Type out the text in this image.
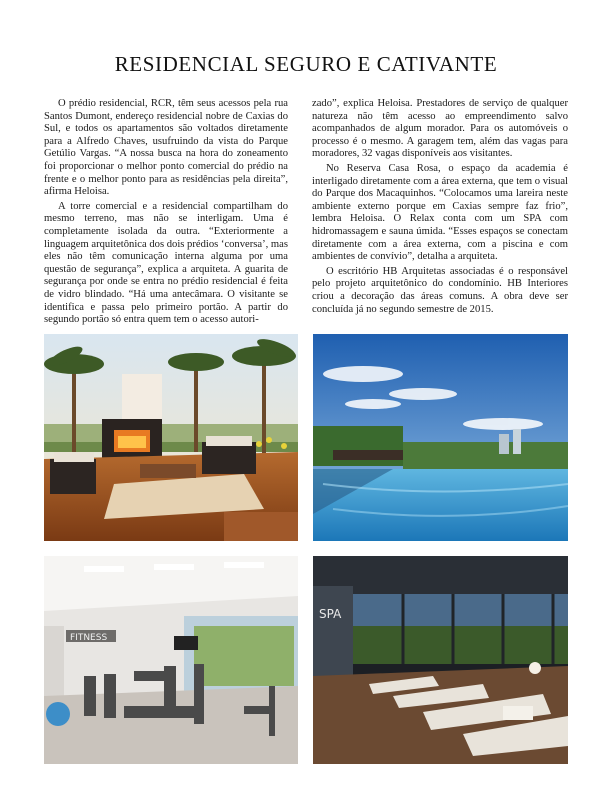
RESIDENCIAL SEGURO E CATIVANTE

O prédio residencial, RCR, têm seus acessos pela rua Santos Dumont, endereço residencial nobre de Caxias do Sul, e todos os apartamentos são voltados diretamente para a Alfredo Chaves, usufruindo da vista do Parque Getúlio Vargas. “A nossa busca na hora do zoneamento foi proporcionar o melhor ponto comercial do prédio na frente e o melhor ponto para as residências pela direita”, afirma Heloisa.

A torre comercial e a residencial compartilham do mesmo terreno, mas não se interligam. Uma é completamente isolada da outra. “Exteriormente a linguagem arquitetônica dos dois prédios ‘conversa’, mas eles não têm comunicação interna alguma por uma questão de segurança”, explica a arquiteta. A guarita de segurança por onde se entra no prédio residencial é feita de vidro blindado. “Há uma antecâmara. O visitante se identifica e passa pelo primeiro portão. A partir do segundo portão só entra quem tem o acesso autori-

zado”, explica Heloisa. Prestadores de serviço de qualquer natureza não têm acesso ao empreendimento salvo acompanhados de algum morador. Para os automóveis o processo é o mesmo. A garagem tem, além das vagas para moradores, 32 vagas disponíveis aos visitantes.

No Reserva Casa Rosa, o espaço da academia é interligado diretamente com a área externa, que tem o visual do Parque dos Macaquinhos. “Colocamos uma lareira neste ambiente externo porque em Caxias sempre faz frio”, lembra Heloisa. O Relax conta com um SPA com hidromassagem e sauna úmida. “Esses espaços se conectam diretamente com a área externa, com a piscina e com ambientes de convívio”, detalha a arquiteta.

O escritório HB Arquitetas associadas é o responsável pelo projeto arquitetônico do condomínio. HB Interiores criou a decoração das áreas comuns. A obra deve ser concluída já no segundo semestre de 2015.

FITNESS
SPA
